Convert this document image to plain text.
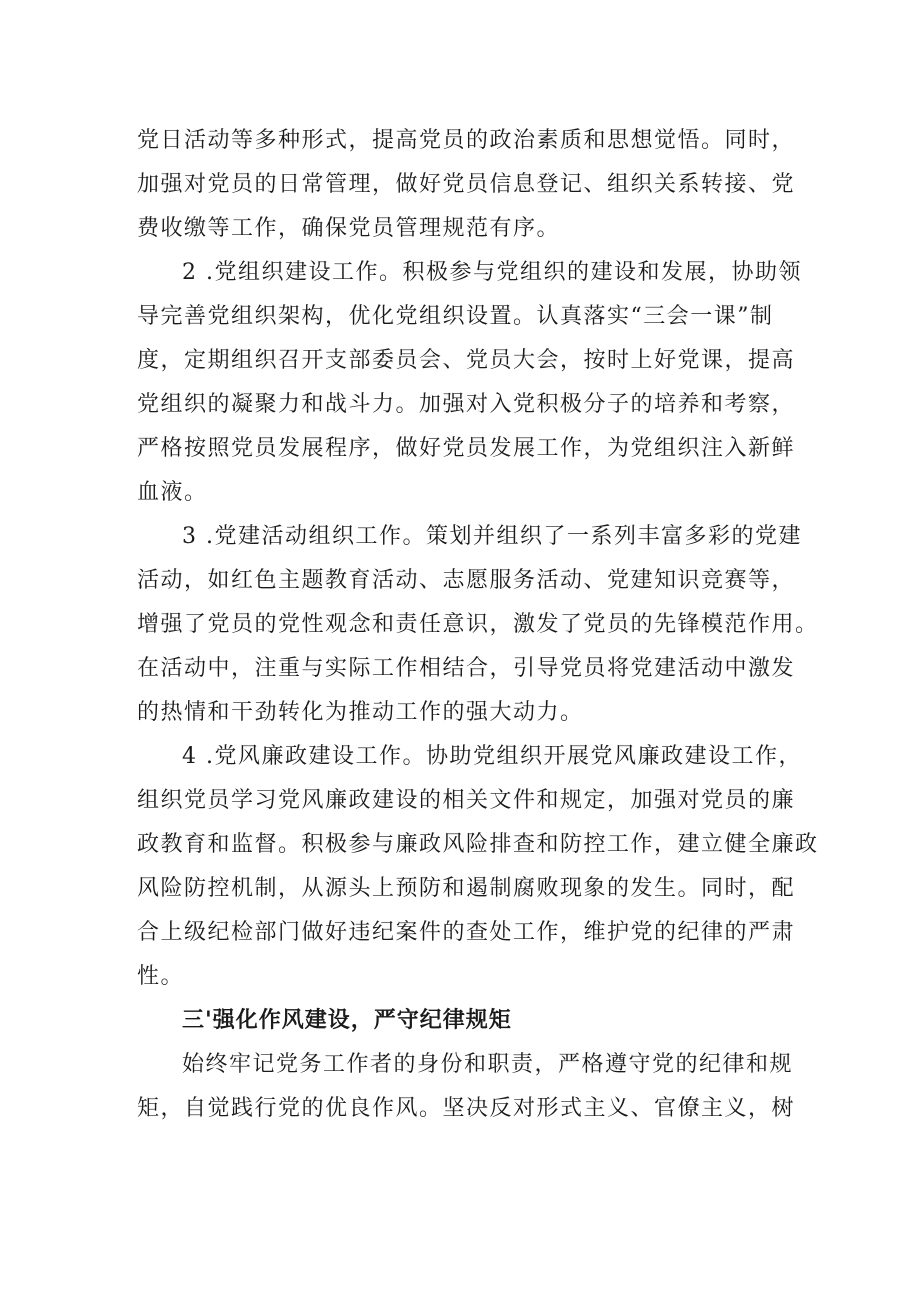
党日活动等多种形式，提高党员的政治素质和思想觉悟。同时，
加强对党员的日常管理，做好党员信息登记、组织关系转接、党
费收缴等工作，确保党员管理规范有序。
2 .党组织建设工作。积极参与党组织的建设和发展，协助领
导完善党组织架构，优化党组织设置。认真落实“三会一课”制
度，定期组织召开支部委员会、党员大会，按时上好党课，提高
党组织的凝聚力和战斗力。加强对入党积极分子的培养和考察，
严格按照党员发展程序，做好党员发展工作，为党组织注入新鲜
血液。
3 .党建活动组织工作。策划并组织了一系列丰富多彩的党建
活动，如红色主题教育活动、志愿服务活动、党建知识竞赛等，
增强了党员的党性观念和责任意识，激发了党员的先锋模范作用。
在活动中，注重与实际工作相结合，引导党员将党建活动中激发
的热情和干劲转化为推动工作的强大动力。
4 .党风廉政建设工作。协助党组织开展党风廉政建设工作，
组织党员学习党风廉政建设的相关文件和规定，加强对党员的廉
政教育和监督。积极参与廉政风险排查和防控工作，建立健全廉政
风险防控机制，从源头上预防和遏制腐败现象的发生。同时，配
合上级纪检部门做好违纪案件的查处工作，维护党的纪律的严肃
性。
三'强化作风建设，严守纪律规矩
始终牢记党务工作者的身份和职责，严格遵守党的纪律和规
矩，自觉践行党的优良作风。坚决反对形式主义、官僚主义，树
